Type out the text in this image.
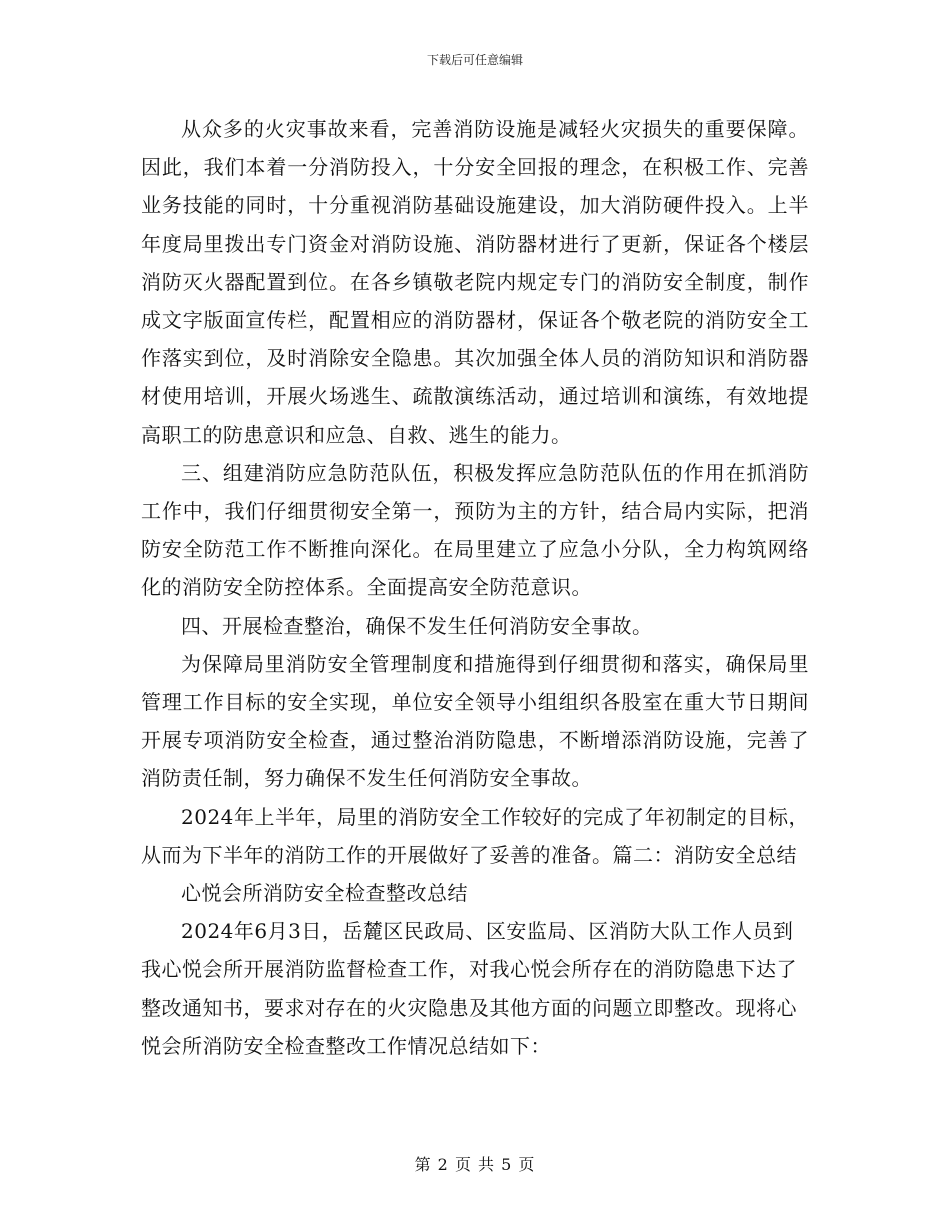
下载后可任意编辑

从众多的火灾事故来看，完善消防设施是减轻火灾损失的重要保障。因此，我们本着一分消防投入，十分安全回报的理念，在积极工作、完善业务技能的同时，十分重视消防基础设施建设，加大消防硬件投入。上半年度局里拨出专门资金对消防设施、消防器材进行了更新，保证各个楼层消防灭火器配置到位。在各乡镇敬老院内规定专门的消防安全制度，制作成文字版面宣传栏，配置相应的消防器材，保证各个敬老院的消防安全工作落实到位，及时消除安全隐患。其次加强全体人员的消防知识和消防器材使用培训，开展火场逃生、疏散演练活动，通过培训和演练，有效地提高职工的防患意识和应急、自救、逃生的能力。

三、组建消防应急防范队伍，积极发挥应急防范队伍的作用在抓消防工作中，我们仔细贯彻安全第一，预防为主的方针，结合局内实际，把消防安全防范工作不断推向深化。在局里建立了应急小分队，全力构筑网络化的消防安全防控体系。全面提高安全防范意识。

四、开展检查整治，确保不发生任何消防安全事故。

为保障局里消防安全管理制度和措施得到仔细贯彻和落实，确保局里管理工作目标的安全实现，单位安全领导小组组织各股室在重大节日期间开展专项消防安全检查，通过整治消防隐患，不断增添消防设施，完善了消防责任制，努力确保不发生任何消防安全事故。

2024年上半年，局里的消防安全工作较好的完成了年初制定的目标，从而为下半年的消防工作的开展做好了妥善的准备。篇二：消防安全总结

心悦会所消防安全检查整改总结

2024年6月3日，岳麓区民政局、区安监局、区消防大队工作人员到我心悦会所开展消防监督检查工作，对我心悦会所存在的消防隐患下达了整改通知书，要求对存在的火灾隐患及其他方面的问题立即整改。现将心悦会所消防安全检查整改工作情况总结如下：

第 2 页 共 5 页
